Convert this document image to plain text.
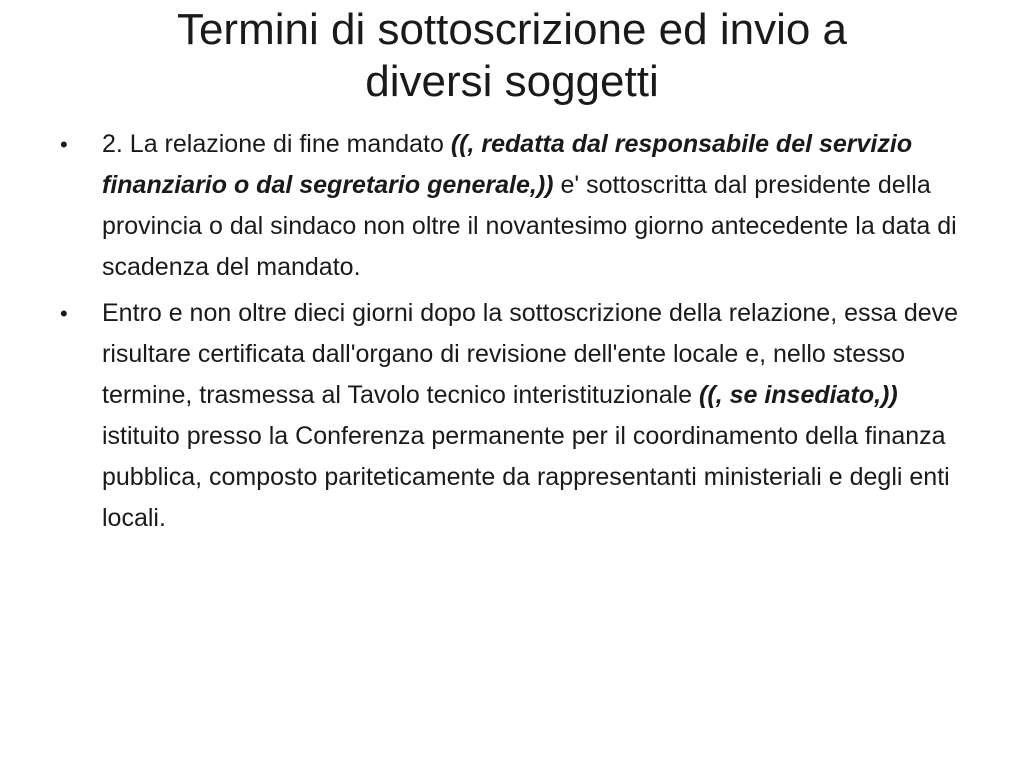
Termini di sottoscrizione ed invio a
diversi soggetti
• 2. La relazione di fine mandato ((, redatta dal responsabile del servizio finanziario o dal segretario generale,)) e' sottoscritta dal presidente della provincia o dal sindaco non oltre il novantesimo giorno antecedente la data di scadenza del mandato.
• Entro e non oltre dieci giorni dopo la sottoscrizione della relazione, essa deve risultare certificata dall'organo di revisione dell'ente locale e, nello stesso termine, trasmessa al Tavolo tecnico interistituzionale ((, se insediato,)) istituito presso la Conferenza permanente per il coordinamento della finanza pubblica, composto pariteticamente da rappresentanti ministeriali e degli enti locali.
